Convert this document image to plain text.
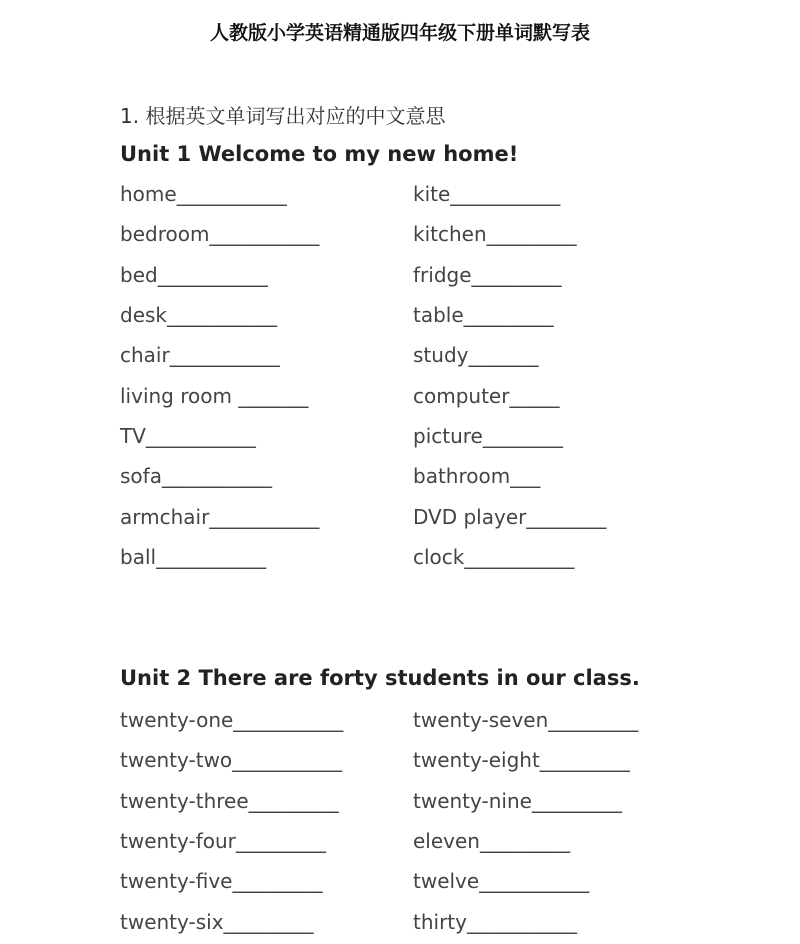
人教版小学英语精通版四年级下册单词默写表
1. 根据英文单词写出对应的中文意思
Unit 1 Welcome to my new home!
home___________	kite___________
bedroom___________	kitchen_________
bed___________	fridge_________
desk___________	table_________
chair___________	study_______
living room _______	computer_____
TV___________	picture________
sofa___________	bathroom___
armchair___________	DVD player________
ball___________	clock___________
Unit 2 There are forty students in our class.
twenty-one___________	twenty-seven_________
twenty-two___________	twenty-eight_________
twenty-three_________	twenty-nine_________
twenty-four_________	eleven_________
twenty-five_________	twelve___________
twenty-six_________	thirty___________
